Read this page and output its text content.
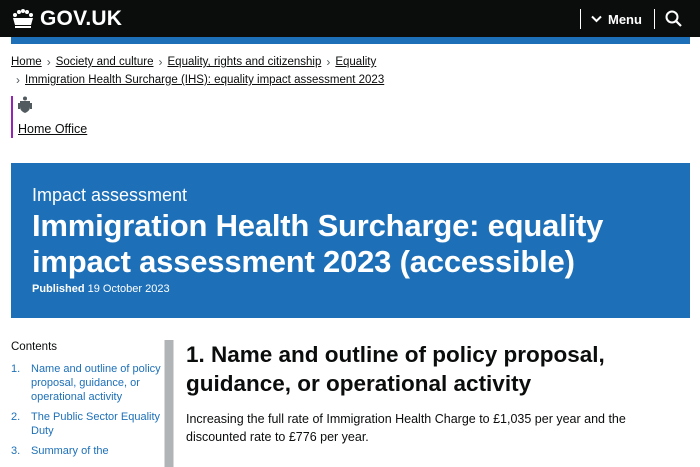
GOV.UK	Menu
Home › Society and culture › Equality, rights and citizenship › Equality
› Immigration Health Surcharge (IHS): equality impact assessment 2023
Home Office
Impact assessment
Immigration Health Surcharge: equality impact assessment 2023 (accessible)
Published 19 October 2023
Contents
1. Name and outline of policy proposal, guidance, or operational activity
2. The Public Sector Equality Duty
3. Summary of the
1. Name and outline of policy proposal, guidance, or operational activity

Increasing the full rate of Immigration Health Charge to £1,035 per year and the discounted rate to £776 per year.
